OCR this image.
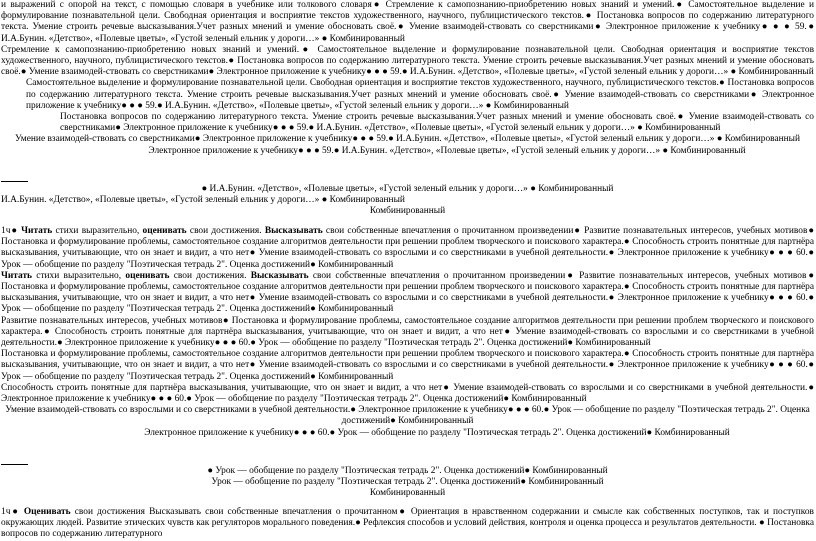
и выражений с опорой на текст, с помощью словаря в учебнике или толкового словаря● Стремление к самопознанию-приобретению новых знаний и умений.● Самостоятельное выделение и формулирование познавательной цели. Свободная ориентация и восприятие текстов художественного, научного, публицистического текстов.● Постановка вопросов по содержанию литературного текста. Умение строить речевые высказывания.Учет разных мнений и умение обосновать своё.● Умение взаимодей-ствовать со сверстниками● Электронное приложение к учебнику● ● ● 59.● И.А.Бунин. «Детство», «Полевые цветы», «Густой зеленый ельник у дороги…» ● Комбинированный

Стремление к самопознанию-приобретению новых знаний и умений.● Самостоятельное выделение и формулирование познавательной цели. Свободная ориентация и восприятие текстов художественного, научного, публицистического текстов.● Постановка вопросов по содержанию литературного текста. Умение строить речевые высказывания.Учет разных мнений и умение обосновать своё.● Умение взаимодей-ствовать со сверстниками● Электронное приложение к учебнику● ● ● 59.● И.А.Бунин. «Детство», «Полевые цветы», «Густой зеленый ельник у дороги…» ● Комбинированный

Самостоятельное выделение и формулирование познавательной цели. Свободная ориентация и восприятие текстов художественного, научного, публицистического текстов.● Постановка вопросов по содержанию литературного текста. Умение строить речевые высказывания.Учет разных мнений и умение обосновать своё.● Умение взаимодей-ствовать со сверстниками● Электронное приложение к учебнику● ● ● 59.● И.А.Бунин. «Детство», «Полевые цветы», «Густой зеленый ельник у дороги…» ● Комбинированный

Постановка вопросов по содержанию литературного текста. Умение строить речевые высказывания.Учет разных мнений и умение обосновать своё.● Умение взаимодей-ствовать со сверстниками● Электронное приложение к учебнику● ● ● 59.● И.А.Бунин. «Детство», «Полевые цветы», «Густой зеленый ельник у дороги…» ● Комбинированный

Умение взаимодей-ствовать со сверстниками● Электронное приложение к учебнику● ● ● 59.● И.А.Бунин. «Детство», «Полевые цветы», «Густой зеленый ельник у дороги…» ● Комбинированный

Электронное приложение к учебнику● ● ● 59.● И.А.Бунин. «Детство», «Полевые цветы», «Густой зеленый ельник у дороги…» ● Комбинированный

● И.А.Бунин. «Детство», «Полевые цветы», «Густой зеленый ельник у дороги…» ● Комбинированный

И.А.Бунин. «Детство», «Полевые цветы», «Густой зеленый ельник у дороги…» ● Комбинированный

Комбинированный

1ч● Читать стихи выразительно, оценивать свои достижения. Высказывать свои собственные впечатления о прочитанном произведении● Развитие познавательных интересов, учебных мотивов● Постановка и формулирование проблемы, самостоятельное создание алгоритмов деятельности при решении проблем творческого и поискового характера.● Способность строить понятные для партнёра высказывания, учитывающие, что он знает и видит, а что нет● Умение взаимодей-ствовать со взрослыми и со сверстниками в учебной деятельности.● Электронное приложение к учебнику● ● ● 60.● Урок — обобщение по разделу "Поэтическая тетрадь 2". Оценка достижений● Комбинированный

Читать стихи выразительно, оценивать свои достижения. Высказывать свои собственные впечатления о прочитанном произведении● Развитие познавательных интересов, учебных мотивов● Постановка и формулирование проблемы, самостоятельное создание алгоритмов деятельности при решении проблем творческого и поискового характера.● Способность строить понятные для партнёра высказывания, учитывающие, что он знает и видит, а что нет● Умение взаимодей-ствовать со взрослыми и со сверстниками в учебной деятельности.● Электронное приложение к учебнику● ● ● 60.● Урок — обобщение по разделу "Поэтическая тетрадь 2". Оценка достижений● Комбинированный

Развитие познавательных интересов, учебных мотивов● Постановка и формулирование проблемы, самостоятельное создание алгоритмов деятельности при решении проблем творческого и поискового характера.● Способность строить понятные для партнёра высказывания, учитывающие, что он знает и видит, а что нет● Умение взаимодей-ствовать со взрослыми и со сверстниками в учебной деятельности.● Электронное приложение к учебнику● ● ● 60.● Урок — обобщение по разделу "Поэтическая тетрадь 2". Оценка достижений● Комбинированный

Постановка и формулирование проблемы, самостоятельное создание алгоритмов деятельности при решении проблем творческого и поискового характера.● Способность строить понятные для партнёра высказывания, учитывающие, что он знает и видит, а что нет● Умение взаимодей-ствовать со взрослыми и со сверстниками в учебной деятельности.● Электронное приложение к учебнику● ● ● 60.● Урок — обобщение по разделу "Поэтическая тетрадь 2". Оценка достижений● Комбинированный

Способность строить понятные для партнёра высказывания, учитывающие, что он знает и видит, а что нет● Умение взаимодей-ствовать со взрослыми и со сверстниками в учебной деятельности.● Электронное приложение к учебнику● ● ● 60.● Урок — обобщение по разделу "Поэтическая тетрадь 2". Оценка достижений● Комбинированный

Умение взаимодей-ствовать со взрослыми и со сверстниками в учебной деятельности.● Электронное приложение к учебнику● ● ● 60.● Урок — обобщение по разделу "Поэтическая тетрадь 2". Оценка достижений● Комбинированный

Электронное приложение к учебнику● ● ● 60.● Урок — обобщение по разделу "Поэтическая тетрадь 2". Оценка достижений● Комбинированный

● Урок — обобщение по разделу "Поэтическая тетрадь 2". Оценка достижений● Комбинированный

Урок — обобщение по разделу "Поэтическая тетрадь 2". Оценка достижений● Комбинированный

Комбинированный

1ч● Оценивать свои достижения Высказывать свои собственные впечатления о прочитанном● Ориентация в нравственном содержании и смысле как собственных поступков, так и поступков окружающих людей. Развитие этических чувств как регуляторов морального поведения.● Рефлексия способов и условий действия, контроля и оценка процесса и результатов деятельности. ● Постановка вопросов по содержанию литературного
